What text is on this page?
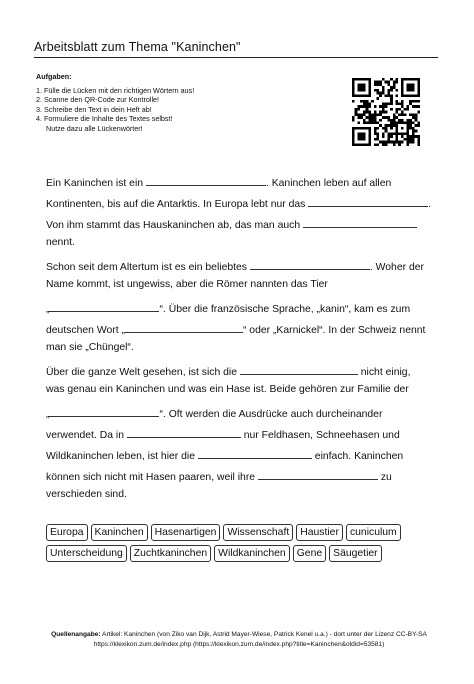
Arbeitsblatt zum Thema "Kaninchen"
Aufgaben:
1. Fülle die Lücken mit den richtigen Wörtern aus!
2. Scanne den QR-Code zur Kontrolle!
3. Schreibe den Text in dein Heft ab!
4. Formuliere die Inhalte des Textes selbst!
Nutze dazu alle Lückenwörter!
Ein Kaninchen ist ein	. Kaninchen leben auf allen
Kontinenten, bis auf die Antarktis. In Europa lebt nur das	.
Von ihm stammt das Hauskaninchen ab, das man auch
nennt.
Schon seit dem Altertum ist es ein beliebtes	. Woher der
Name kommt, ist ungewiss, aber die Römer nannten das Tier
„	“. Über die französische Sprache, „kanin“, kam es zum
deutschen Wort „	“ oder „Karnickel“. In der Schweiz nennt
man sie „Chüngel“.
Über die ganze Welt gesehen, ist sich die	nicht einig,
was genau ein Kaninchen und was ein Hase ist. Beide gehören zur Familie der
„	“. Oft werden die Ausdrücke auch durcheinander
verwendet. Da in	nur Feldhasen, Schneehasen und
Wildkaninchen leben, ist hier die	einfach. Kaninchen
können sich nicht mit Hasen paaren, weil ihre	zu
verschieden sind.
Europa Kaninchen Hasenartigen Wissenschaft Haustier cuniculum
Unterscheidung Zuchtkaninchen Wildkaninchen Gene Säugetier
Quellenangabe: Artikel: Kaninchen (von Ziko van Dijk, Astrid Mayer-Wiese, Patrick Kenel u.a.) - dort unter der Lizenz CC-BY-SA
https://klexikon.zum.de/index.php (https://klexikon.zum.de/index.php?title=Kaninchen&oldid=53581)
